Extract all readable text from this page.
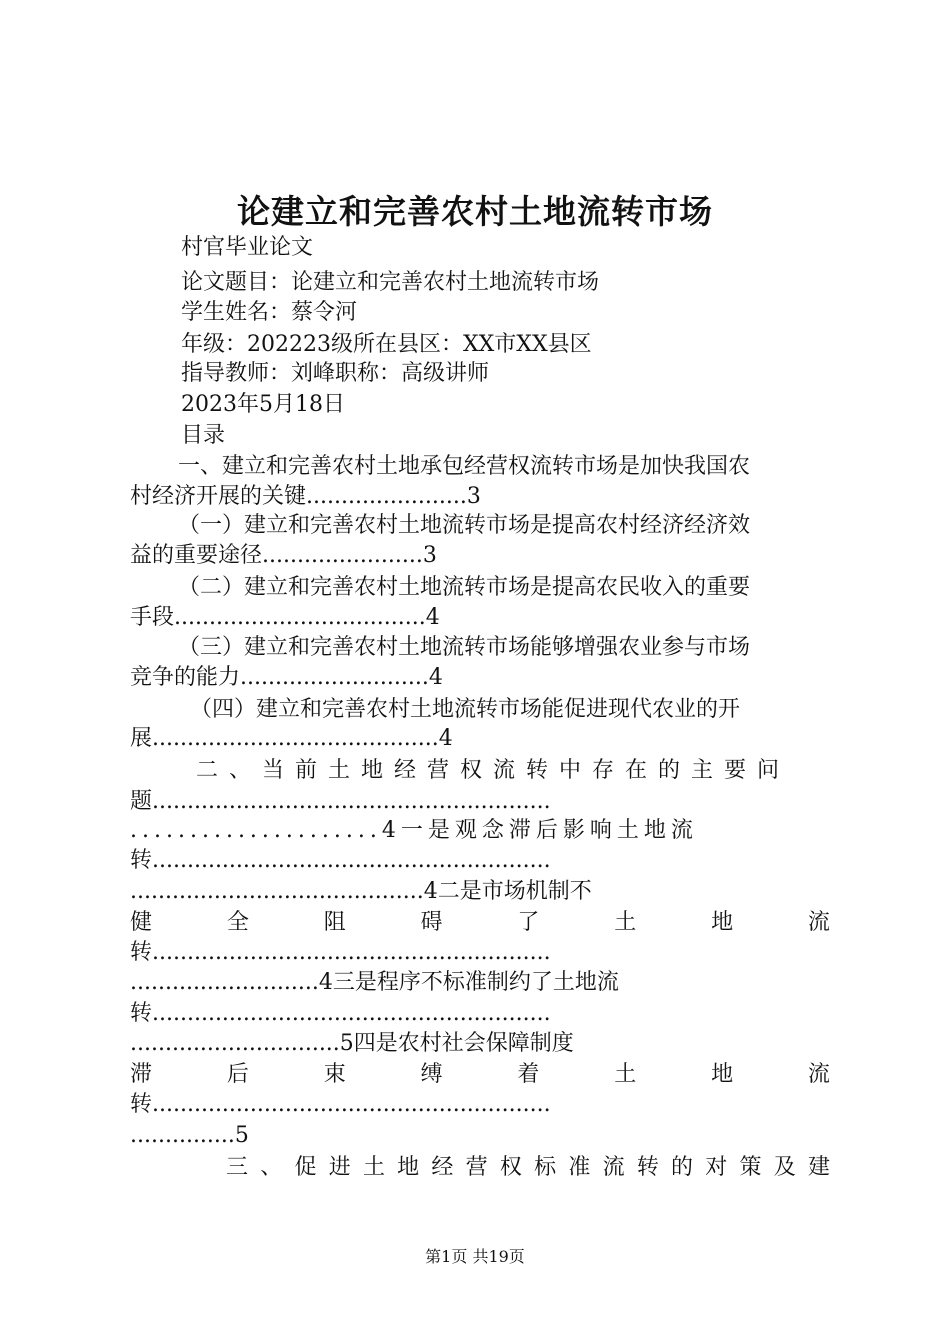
论建立和完善农村土地流转市场
村官毕业论文
论文题目：论建立和完善农村土地流转市场
学生姓名：蔡令河
年级：202223级所在县区：XX市XX县区
指导教师：刘峰职称：高级讲师
2023年5月18日
目录
一、建立和完善农村土地承包经营权流转市场是加快我国农
村经济开展的关键.......................3
（一）建立和完善农村土地流转市场是提高农村经济经济效
益的重要途径.......................3
（二）建立和完善农村土地流转市场是提高农民收入的重要
手段....................................4
（三）建立和完善农村土地流转市场能够增强农业参与市场
竞争的能力...........................4
（四）建立和完善农村土地流转市场能促进现代农业的开
展.........................................4
二、当前土地经营权流转中存在的主要问
题.........................................................
.....................4一是观念滞后影响土地流
转.........................................................
..........................................4二是市场机制不
健	全	阻	碍	了	土	地	流
转.........................................................
...........................4三是程序不标准制约了土地流
转.........................................................
..............................5四是农村社会保障制度
滞	后	束	缚	着	土	地	流
转.........................................................
...............5
三 、 促 进 土 地 经 营 权 标 准 流 转 的 对 策 及 建
第1页 共19页
